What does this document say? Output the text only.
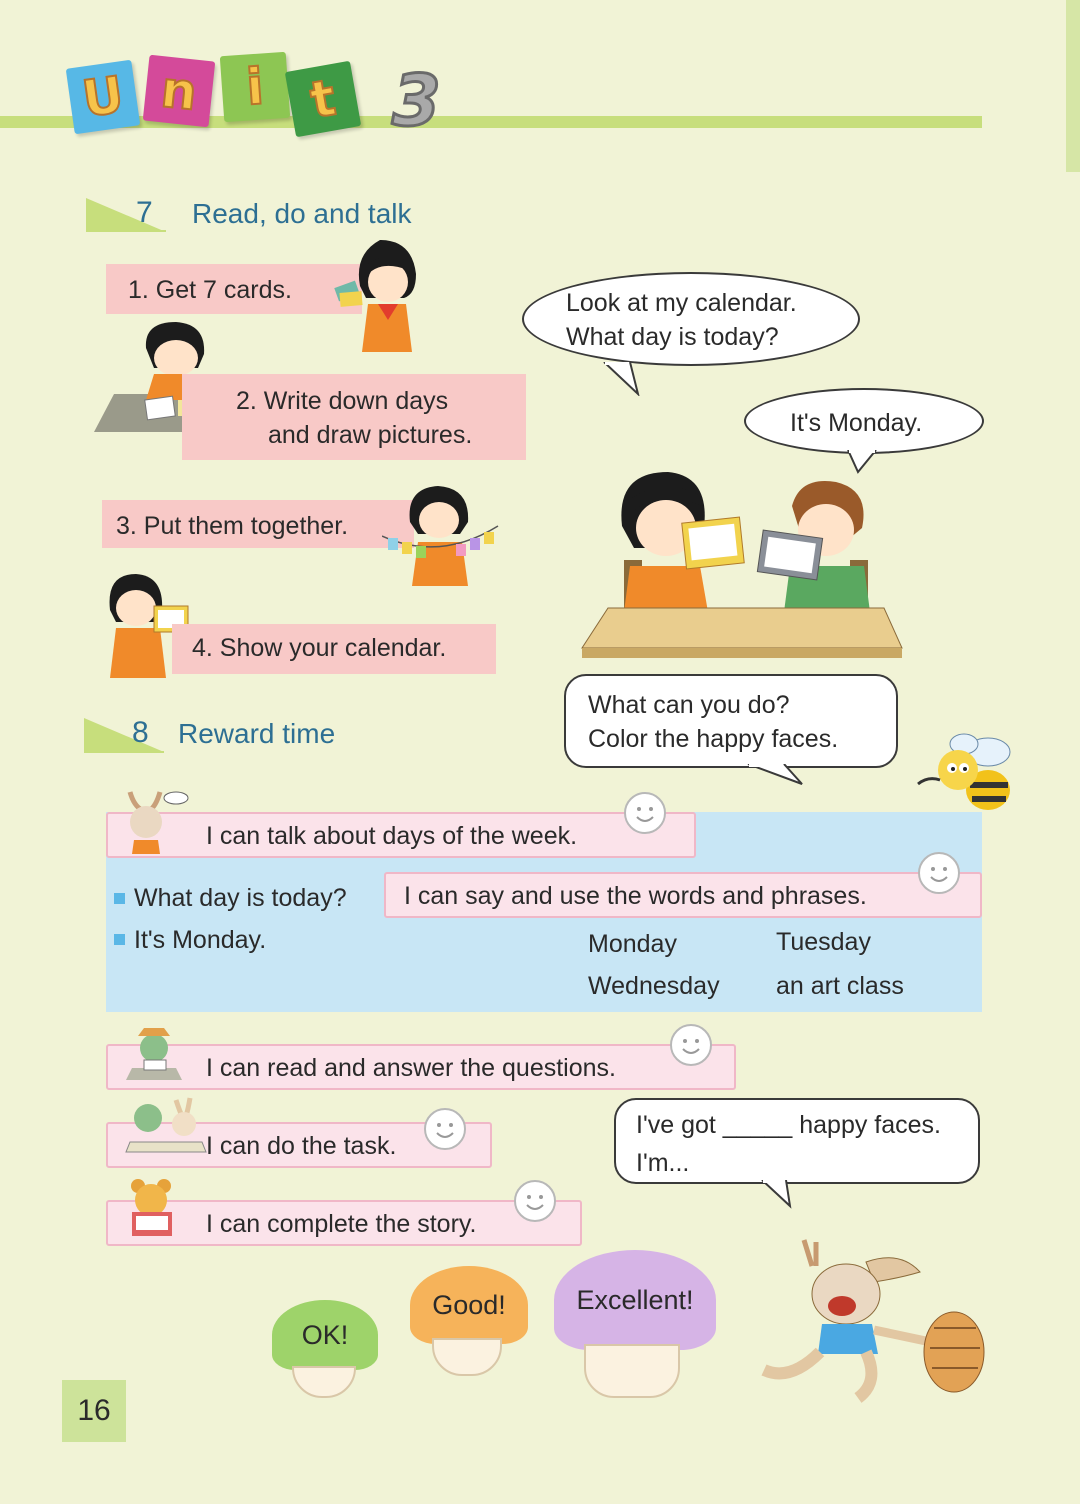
U n i t 3
7 Read, do and talk
1. Get 7 cards.
2. Write down days
and draw pictures.
3. Put them together.
4. Show your calendar.
Look at my calendar.
What day is today?
It's Monday.
What can you do?
Color the happy faces.
8 Reward time
I can talk about days of the week.
What day is today?
It's Monday.
I can say and use the words and phrases.
Monday	Tuesday
Wednesday an art class
I can read and answer the questions.
I can do the task.
I can complete the story.
I've got _____ happy faces.
I'm...
OK!
Good!	Excellent!
16
